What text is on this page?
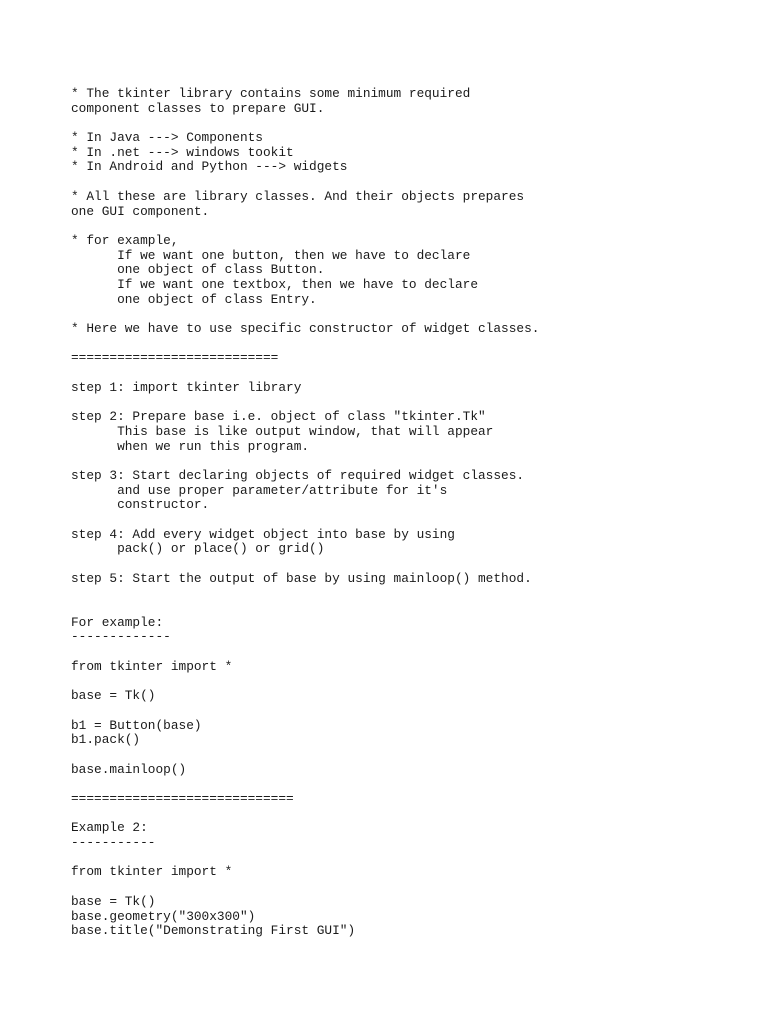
* The tkinter library contains some minimum required
component classes to prepare GUI.
* In Java ---> Components
* In .net ---> windows tookit
* In Android and Python ---> widgets
* All these are library classes. And their objects prepares
one GUI component.
* for example,
If we want one button, then we have to declare
one object of class Button.
If we want one textbox, then we have to declare
one object of class Entry.
* Here we have to use specific constructor of widget classes.
===========================
step 1: import tkinter library
step 2: Prepare base i.e. object of class "tkinter.Tk"
This base is like output window, that will appear
when we run this program.
step 3: Start declaring objects of required widget classes.
and use proper parameter/attribute for it's
constructor.
step 4: Add every widget object into base by using
pack() or place() or grid()
step 5: Start the output of base by using mainloop() method.
For example:
-------------
from tkinter import *
base = Tk()
b1 = Button(base)
b1.pack()
base.mainloop()
=============================
Example 2:
-----------
from tkinter import *
base = Tk()
base.geometry("300x300")
base.title("Demonstrating First GUI")
